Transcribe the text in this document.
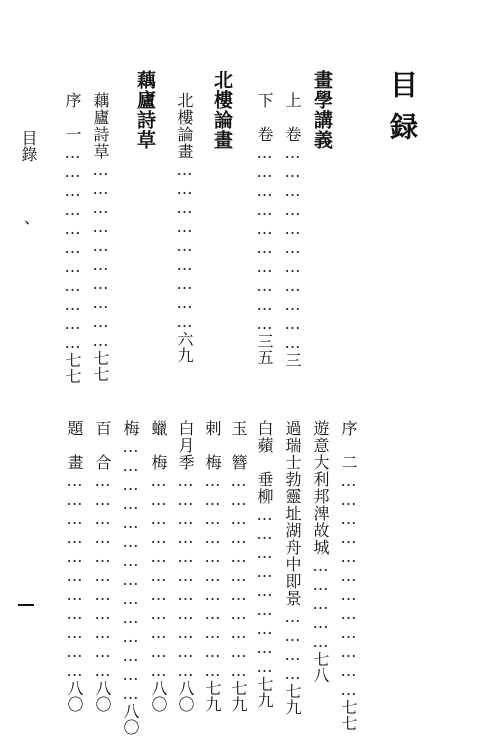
目錄
、
目録
畫學講義
上　卷……………………………三
下　卷…………………………三五
北樓論畫
北樓論畫………………………六九
藕廬詩草
藕廬詩草…………………………七七
序　一……………………………七七
序　二………………………………七七
遊意大利邦渒故城……………七八
過瑞士勃靈址湖舟中即景…………七九
白蘋　垂柳………………………七九
玉　簪……………………………七九
剌　梅……………………………七九
白月季……………………………八〇
蠟　梅……………………………八〇
梅……………………………………八〇
百　合……………………………八〇
題　畫……………………………八〇
